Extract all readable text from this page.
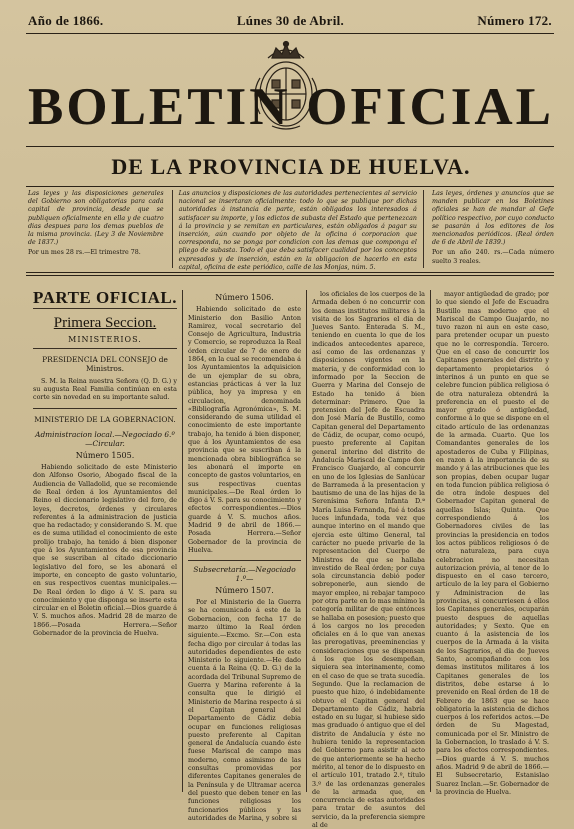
Año de 1866.	Lúnes 30 de Abril.	Número 172.
BOLETIN OFICIAL
DE LA PROVINCIA DE HUELVA.

Las leyes y las disposiciones generales del Gobierno son obligatorias para cada capital de provincia, desde que se publiquen oficialmente en ella y de cuatro dias despues para los demas pueblos de la misma provincia. (Ley 3 de Noviembre de 1837.)

Por un mes 28 rs.—El trimestre 78.

Las anuncios y disposiciones de las autoridades pertenecientes al servicio nacional se insertaran oficialmente: todo lo que se publique por dichas autoridades á instancia de parte, están obligados los interesados á satisfacer su importe, y los edictos de subasta del Estado que pertenezcan á la provincia y se remitan en particulares, están obligados á pagar su inserción, aún cuando por objeto de la oficina ó corporacion que corresponda, no se ponga por condicion con las demas que componga el pliego de subasta. Todo el que deba satisfacer cualidad por los conceptos expresados y de inserción, están en la obligacion de hacerlo en esta capital, oficina de este periódico, calle de las Monjas, núm. 5.

Las leyes, órdenes y anuncios que se manden publicar en los Boletines oficiales se han de mandar al Gefe político respectivo, por cuyo conducto se pasarán á los editores de los mencionados periódicos. (Real órden de 6 de Abril de 1839.)

Por un año 240. rs.—Cada número suelto 3 reales.

PARTE OFICIAL.
Primera Seccion.
MINISTERIOS.
PRESIDENCIA DEL CONSEJO de Ministros.

S. M. la Reina nuestra Señora (Q. D. G.) y su augusta Real Familia continúan en esta corte sin novedad en su importante salud.

MINISTERIO DE LA GOBERNACION.
Administracion local.—Negociado 6.º—Circular.
Número 1505.

Habiendo solicitado de este Ministerio don Alfonso Osorio, Abogado fiscal de la Audiencia de Valladolid, que se recomiende de Real órden á los Ayuntamientos del Reino el diccionario legislativo del foro, de leyes, decretos, órdenes y circulares referentes á la administracion de justicia que ha redactado; y considerando S. M. que es de suma utilidad el conocimiento de este prolijo trabajo, ha tenido á bien disponer que á los Ayuntamientos de esa provincia que se suscriban al citado diccionario legislativo del foro, se les abonará el importe, en concepto de gasto voluntario, en sus respectivos cuentas municipales.—De Real órden lo digo á V. S. para su conocimiento y que disponga se inserte esta circular en el Boletin oficial.—Dios guarde á V. S. muchos años. Madrid 28 de marzo de 1866.—Posada Herrera.—Señor Gobernador de la provincia de Huelva.

Número 1506.

Habiendo solicitado de este Ministerio don Basilio Anton Ramirez, vocal secretario del Consejo de Agricultura, Industria y Comercio, se reproduzca la Real órden circular de 7 de enero de 1864, en la cual se recomendaba á los Ayuntamientos la adquisicion de un ejemplar de su obra, estancias prácticas á ver la luz pública, hoy ya impresa y en circulacion, denominada «Bibliografía Agronómica», S. M. considerando de suma utilidad el conocimiento de este importante trabajo, ha tenido á bien disponer, que á los Ayuntamientos de esa provincia que se suscriban á la mencionada obra bibliográfica se les abonará el importe en concepto de gastos voluntarios, en sus respectivas cuentas municipales.—De Real órden lo digo á V. S. para su conocimiento y efectos correspondientes.—Dios guarde á V. S. muchos años. Madrid 9 de abril de 1866.—Posada Herrera.—Señor Gobernador de la provincia de Huelva.

Subsecretaría.—Negociado 1.º—
Número 1507.

Por el Ministerio de la Guerra se ha comunicado á este de la Gobernacion, con fecha 17 de marzo último la Real órden siguiente.—Excmo. Sr.—Con esta fecha digo por circular á todas las autoridades dependientes de este Ministerio lo siguiente.—He dado cuenta á la Reina (Q. D. G.) de la acordada del Tribunal Supremo de Guerra y Marina referente á la consulta que le dirigió el Ministerio de Marina respecto á si el Capitan general del Departamento de Cádiz debia ocupar en funciones religiosas puesto preferente al Capitan general de Andalucía cuando éste fuese Mariscal de campo mas moderno, como asimismo de las consultas promovidas por diferentes Capitanes generales de la Península y de Ultramar acerca del puesto que deben tener en las funciones religiosas los funcionarios públicos y las autoridades de Marina, y sobre si

los oficiales de los cuerpos de la Armada deben ó no concurrir con los demas institutos militares á la visita de los Sagrarios el dia de Jueves Santo. Enterada S. M., teniendo en cuenta lo que de los indicados antecedentes aparece, así como de las ordenanzas y disposiciones vigentes en la materia, y de conformidad con lo informado por la Seccion de Guerra y Marina del Consejo de Estado ha tenido á bien determinar: Primero. Que la pretension del Jefe de Escuadra don José María de Bustillo, como Capitan general del Departamento de Cádiz, de ocupar, como ocupó, puesto preferente al Capitan general interino del distrito de Andalucía Mariscal de Campo don Francisco Guajardo, al concurrir en uno de los Iglesias de Sanlúcar de Barrameda á la presentacion y bautismo de una de las hijas de la Serenísima Señora Infanta D.ª María Luisa Fernanda, fué á todas luces infundada, toda vez que aunque interino en el mando que ejercia este último General, tal carácter no puede privarle de la representacion del Cuerpo de Ministros de que se hallaba investido de Real órden; por cuya sola circunstancia debió poder sobreponerle, aun siendo de mayor empleo, ni rebajar tampoco por otra parte en lo mas mínimo la categoría militar de que entónces se hallaba en posesion; puesto que á los cargos no los preceden oficiales en á lo que van anexas las prerogativas, preeminencias y consideraciones que se dispensan á los que los desempeñan, siquiera sea interinamente, como en el caso de que se trata sucedía. Segundo. Que la reclamacion de puesto que hizo, ó indebidamente obtuvo el Capitan general del Departamento de Cádiz, habría estado en su lugar, si hubiese sido mas graduado ó antiguo que el del distrito de Andalucía y éste no hubiera tenido la representacion del Gobierno para asistir al acto de que anteriormente se ha hecho mérito, al tenor de lo dispuesto en el artículo 101, tratado 2.º, título 3.º de las ordenanzas generales de la armada que, en concurrencia de estas autoridades para tratar de asuntos del servicio, da la preferencia siempre al de

mayor antigüedad de grado; por lo que siendo el Jefe de Escuadra Bustillo mas moderno que el Mariscal de Campo Guajardo, no tuvo razon ni aun en este caso, para pretender ocupar un puesto que no le correspondía. Tercero. Que en el caso de concurrir los Capitanes generales del distrito y departamento propietarios ó interinos á un punto en que se celebre funcion pública religiosa ó de otra naturaleza obtendrá la preferencia en el puesto el de mayor grado ó antigüedad, conforme á lo que se dispone en el citado artículo de las ordenanzas de la armada. Cuarto. Que los Comandantes generales de los apostaderos de Cuba y Filipinas, en razon á la importancia de su mando y á las atribuciones que les son propias, deben ocupar lugar en toda funcion pública religiosa ó de otra índole despues del Gobernador Capitan general de aquellas Islas; Quinta. Que correspondiendo á los Gobernadores civiles de las provincias la presidencia en todos los actos públicos religiosos ó de otra naturaleza, para cuya celebracion no necesitan autorizacion prévia, al tenor de lo dispuesto en el caso tercero, artículo de la ley para el Gobierno y Administracion de las provincias, si concurriesen á ellos los Capitanes generales, ocuparán puesto despues de aquellas autoridades; y Sexto. Que en cuanto á la asistencia de los cuerpos de la Armada á la visita de los Sagrarios, el dia de Jueves Santo, acompañando con los demas institutos militares á los Capitanes generales de los distritos, debe estarse á lo prevenido en Real órden de 18 de Febrero de 1863 que se hace obligatoria la asistencia de dichos cuerpos á los referidos actos.—De órden de Su Magestad, comunicada por el Sr. Ministro de la Gobernacion, lo traslado á V. S. para los efectos correspondientes.—Dios guarde á V. S. muchos años. Madrid 9 de abril de 1866.—El Subsecretario, Estanislao Suarez Inclan.—Sr. Gobernador de la provincia de Huelva.
